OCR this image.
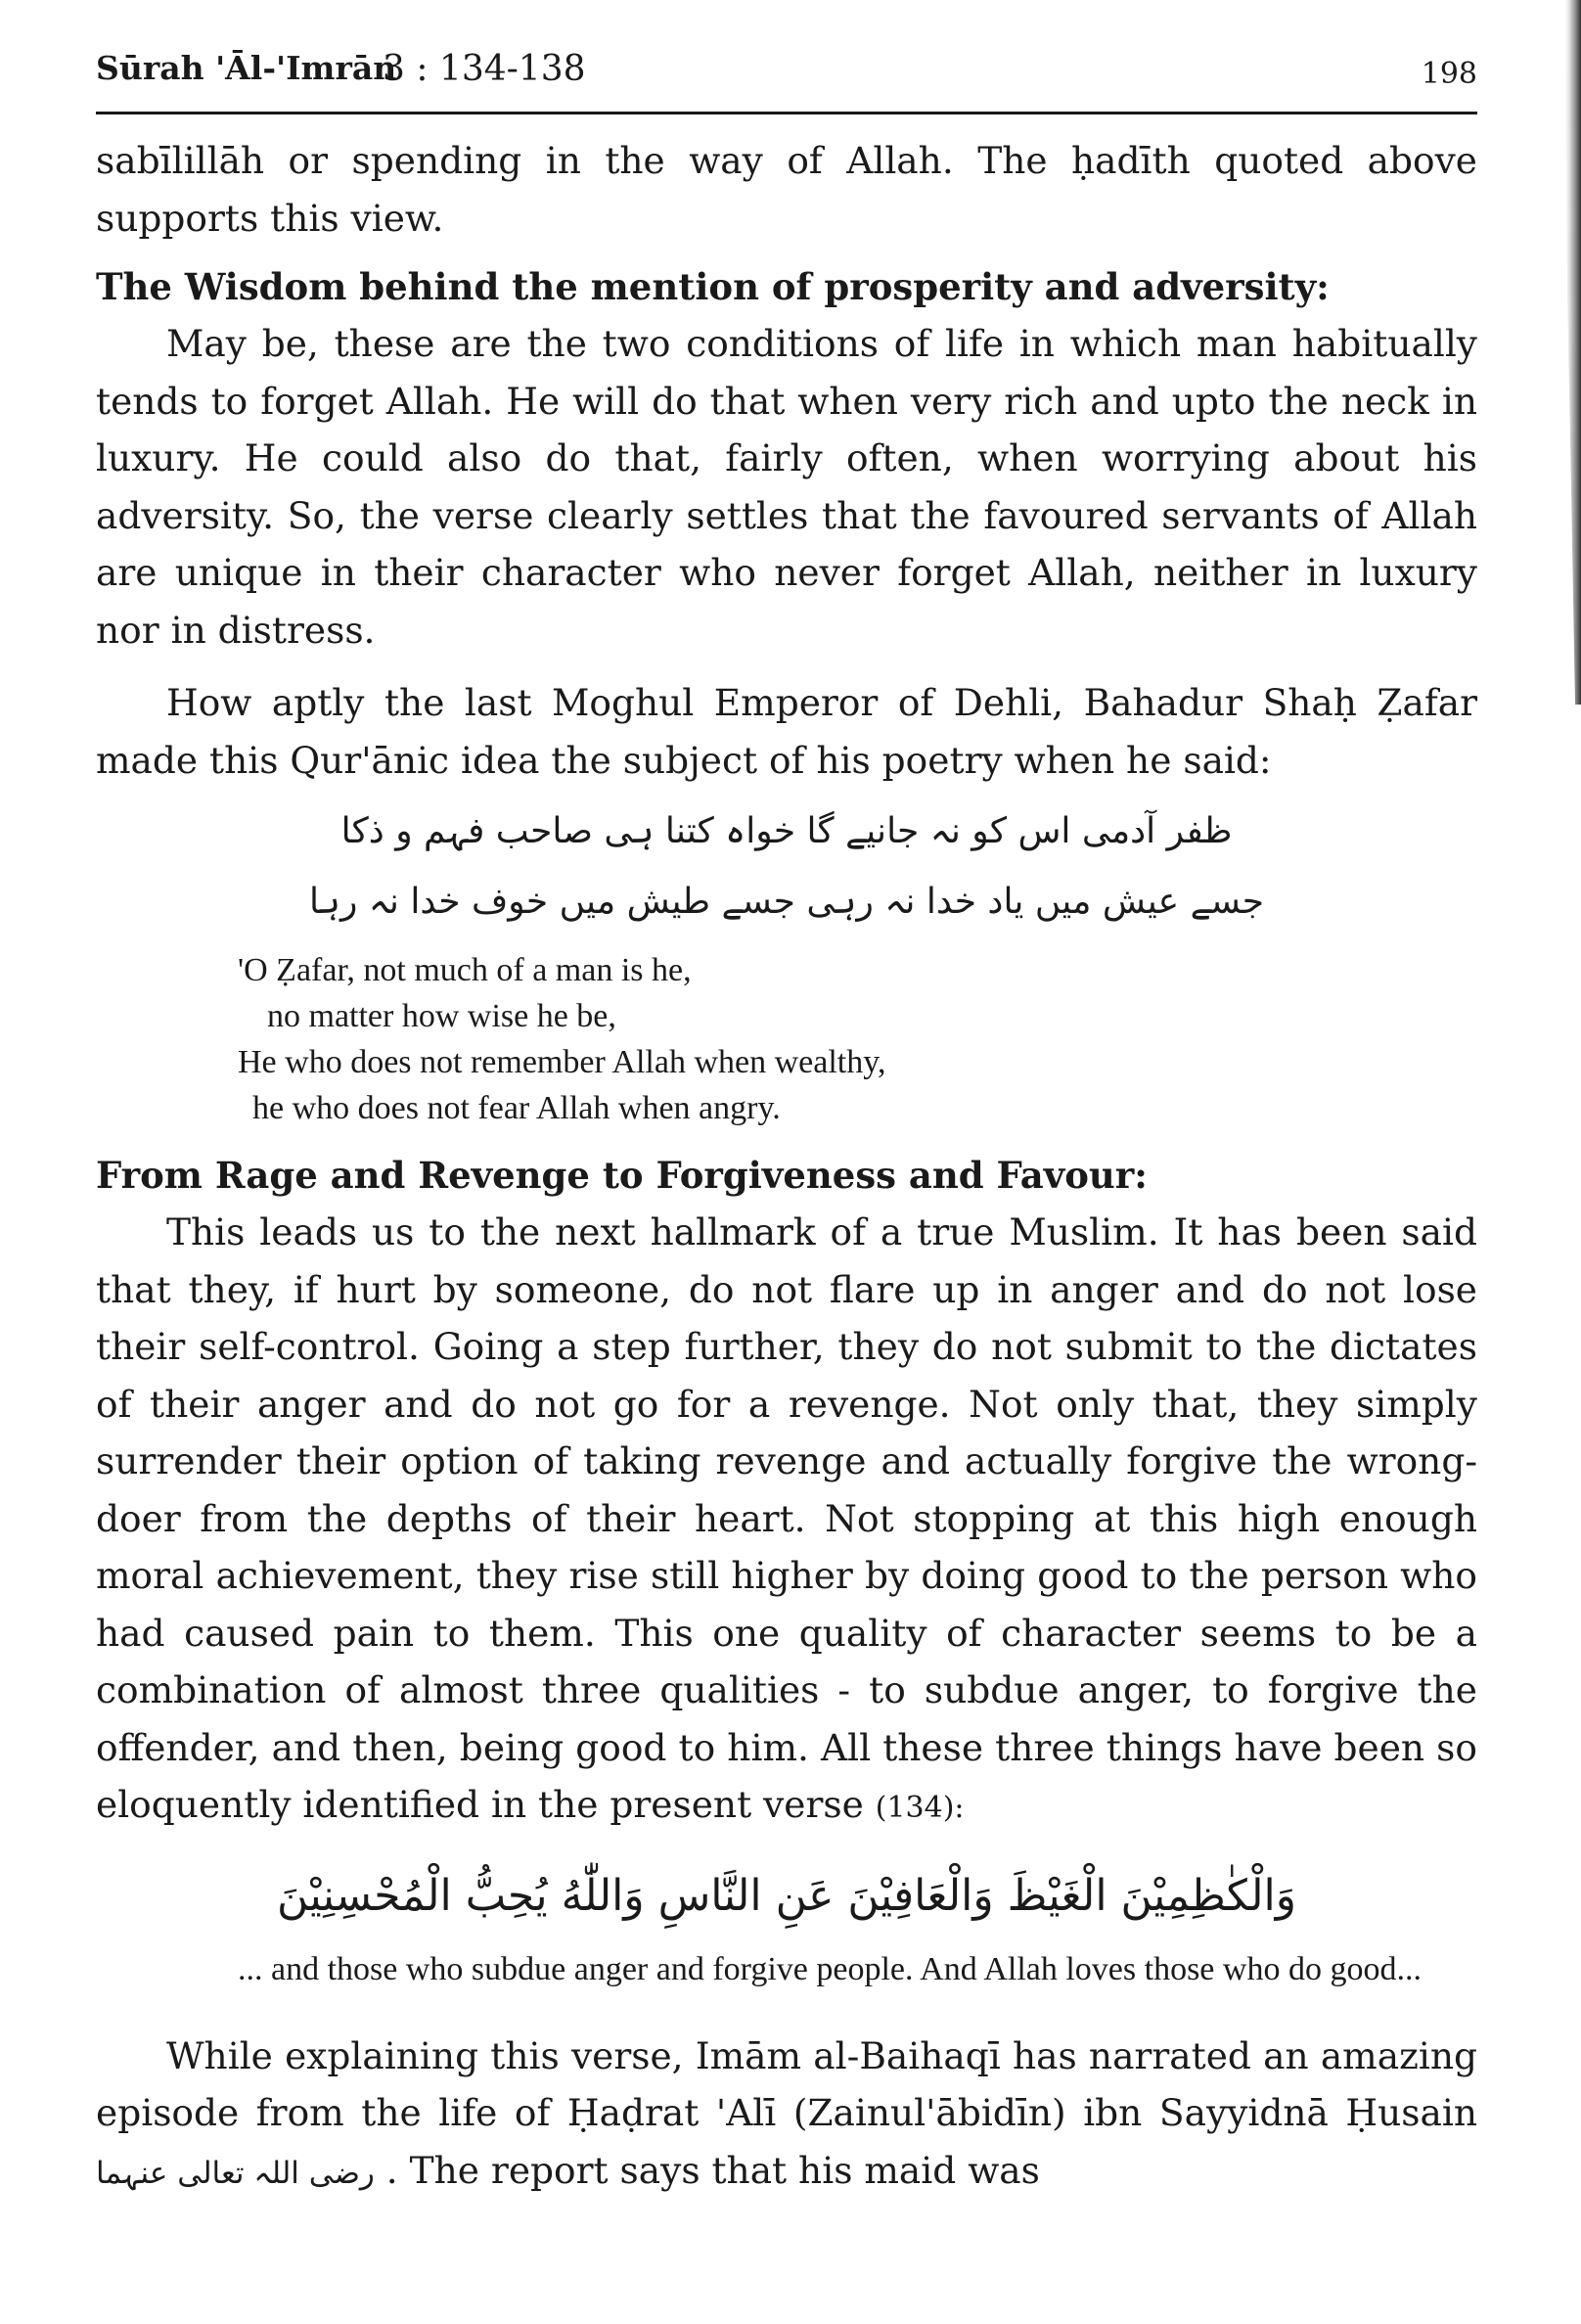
Sūrah 'Āl-'Imrān
3 : 134-138	198

sabīlillāh or spending in the way of Allah. The ḥadīth quoted above supports this view.

The Wisdom behind the mention of prosperity and adversity:

May be, these are the two conditions of life in which man habitually tends to forget Allah. He will do that when very rich and upto the neck in luxury. He could also do that, fairly often, when worrying about his adversity. So, the verse clearly settles that the favoured servants of Allah are unique in their character who never forget Allah, neither in luxury nor in distress.

How aptly the last Moghul Emperor of Dehli, Bahadur Shaḥ Ẓafar made this Qur'ānic idea the subject of his poetry when he said:

ظفر آدمی اس کو نہ جانیے گا خواہ کتنا ہی صاحب فہم و ذکا

جسے عیش میں یاد خدا نہ رہی جسے طیش میں خوف خدا نہ رہا

'O Ẓafar, not much of a man is he,
no matter how wise he be,
He who does not remember Allah when wealthy,
he who does not fear Allah when angry.
From Rage and Revenge to Forgiveness and Favour:

This leads us to the next hallmark of a true Muslim. It has been said that they, if hurt by someone, do not flare up in anger and do not lose their self-control. Going a step further, they do not submit to the dictates of their anger and do not go for a revenge. Not only that, they simply surrender their option of taking revenge and actually forgive the wrong-doer from the depths of their heart. Not stopping at this high enough moral achievement, they rise still higher by doing good to the person who had caused pain to them. This one quality of character seems to be a combination of almost three qualities - to subdue anger, to forgive the offender, and then, being good to him. All these three things have been so eloquently identified in the present verse (134):

وَالْكٰظِمِيْنَ الْغَيْظَ وَالْعَافِيْنَ عَنِ النَّاسِ وَاللّٰهُ يُحِبُّ الْمُحْسِنِيْنَ

... and those who subdue anger and forgive people. And Allah loves those who do good...

While explaining this verse, Imām al-Baihaqī has narrated an amazing episode from the life of Ḥaḍrat 'Alī (Zainul'ābidīn) ibn Sayyidnā Ḥusain رضی اللہ تعالی عنہما . The report says that his maid was
